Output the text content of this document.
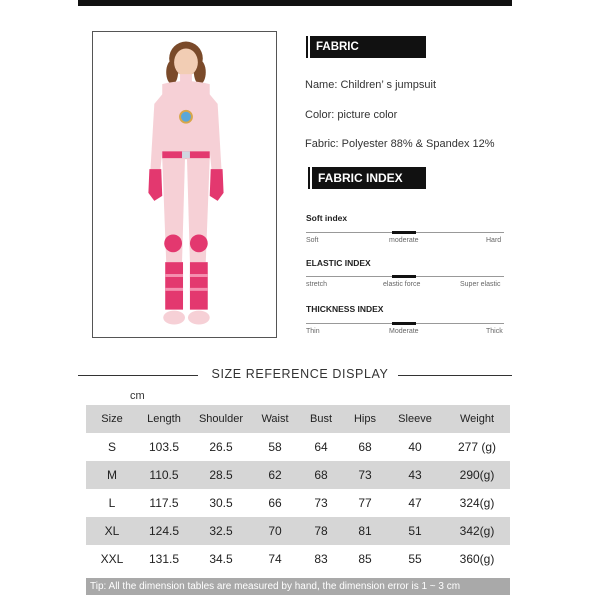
FABRIC INFORMATION
Name: Children’ s jumpsuit
Color: picture color
Fabric: Polyester 88% & Spandex 12%
FABRIC INDEX
Soft index
Soft	moderate	Hard
ELASTIC INDEX
stretch	elastic force	Super elastic
THICKNESS INDEX
Thin	Moderate	Thick
SIZE REFERENCE DISPLAY
cm
Size	Length	Shoulder	Waist	Bust	Hips	Sleeve	Weight
S	103.5	26.5	58	64	68	40	277 (g)
M	110.5	28.5	62	68	73	43	290(g)
L	117.5	30.5	66	73	77	47	324(g)
XL	124.5	32.5	70	78	81	51	342(g)
XXL	131.5	34.5	74	83	85	55	360(g)
Tip: All the dimension tables are measured by hand, the dimension error is 1 ~ 3 cm
